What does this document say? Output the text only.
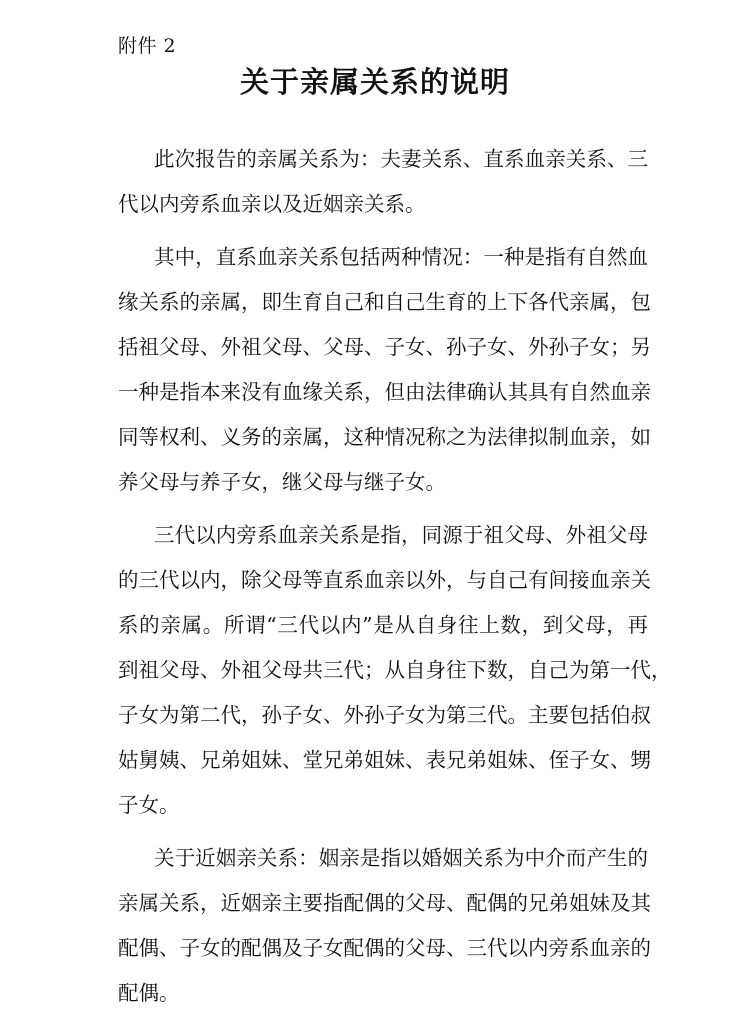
附件 2
关于亲属关系的说明
此次报告的亲属关系为：夫妻关系、直系血亲关系、三
代以内旁系血亲以及近姻亲关系。
其中，直系血亲关系包括两种情况：一种是指有自然血
缘关系的亲属，即生育自己和自己生育的上下各代亲属，包
括祖父母、外祖父母、父母、子女、孙子女、外孙子女；另
一种是指本来没有血缘关系，但由法律确认其具有自然血亲
同等权利、义务的亲属，这种情况称之为法律拟制血亲，如
养父母与养子女，继父母与继子女。
三代以内旁系血亲关系是指，同源于祖父母、外祖父母
的三代以内，除父母等直系血亲以外，与自己有间接血亲关
系的亲属。所谓“三代以内”是从自身往上数，到父母，再
到祖父母、外祖父母共三代；从自身往下数，自己为第一代，
子女为第二代，孙子女、外孙子女为第三代。主要包括伯叔
姑舅姨、兄弟姐妹、堂兄弟姐妹、表兄弟姐妹、侄子女、甥
子女。
关于近姻亲关系：姻亲是指以婚姻关系为中介而产生的
亲属关系，近姻亲主要指配偶的父母、配偶的兄弟姐妹及其
配偶、子女的配偶及子女配偶的父母、三代以内旁系血亲的
配偶。
